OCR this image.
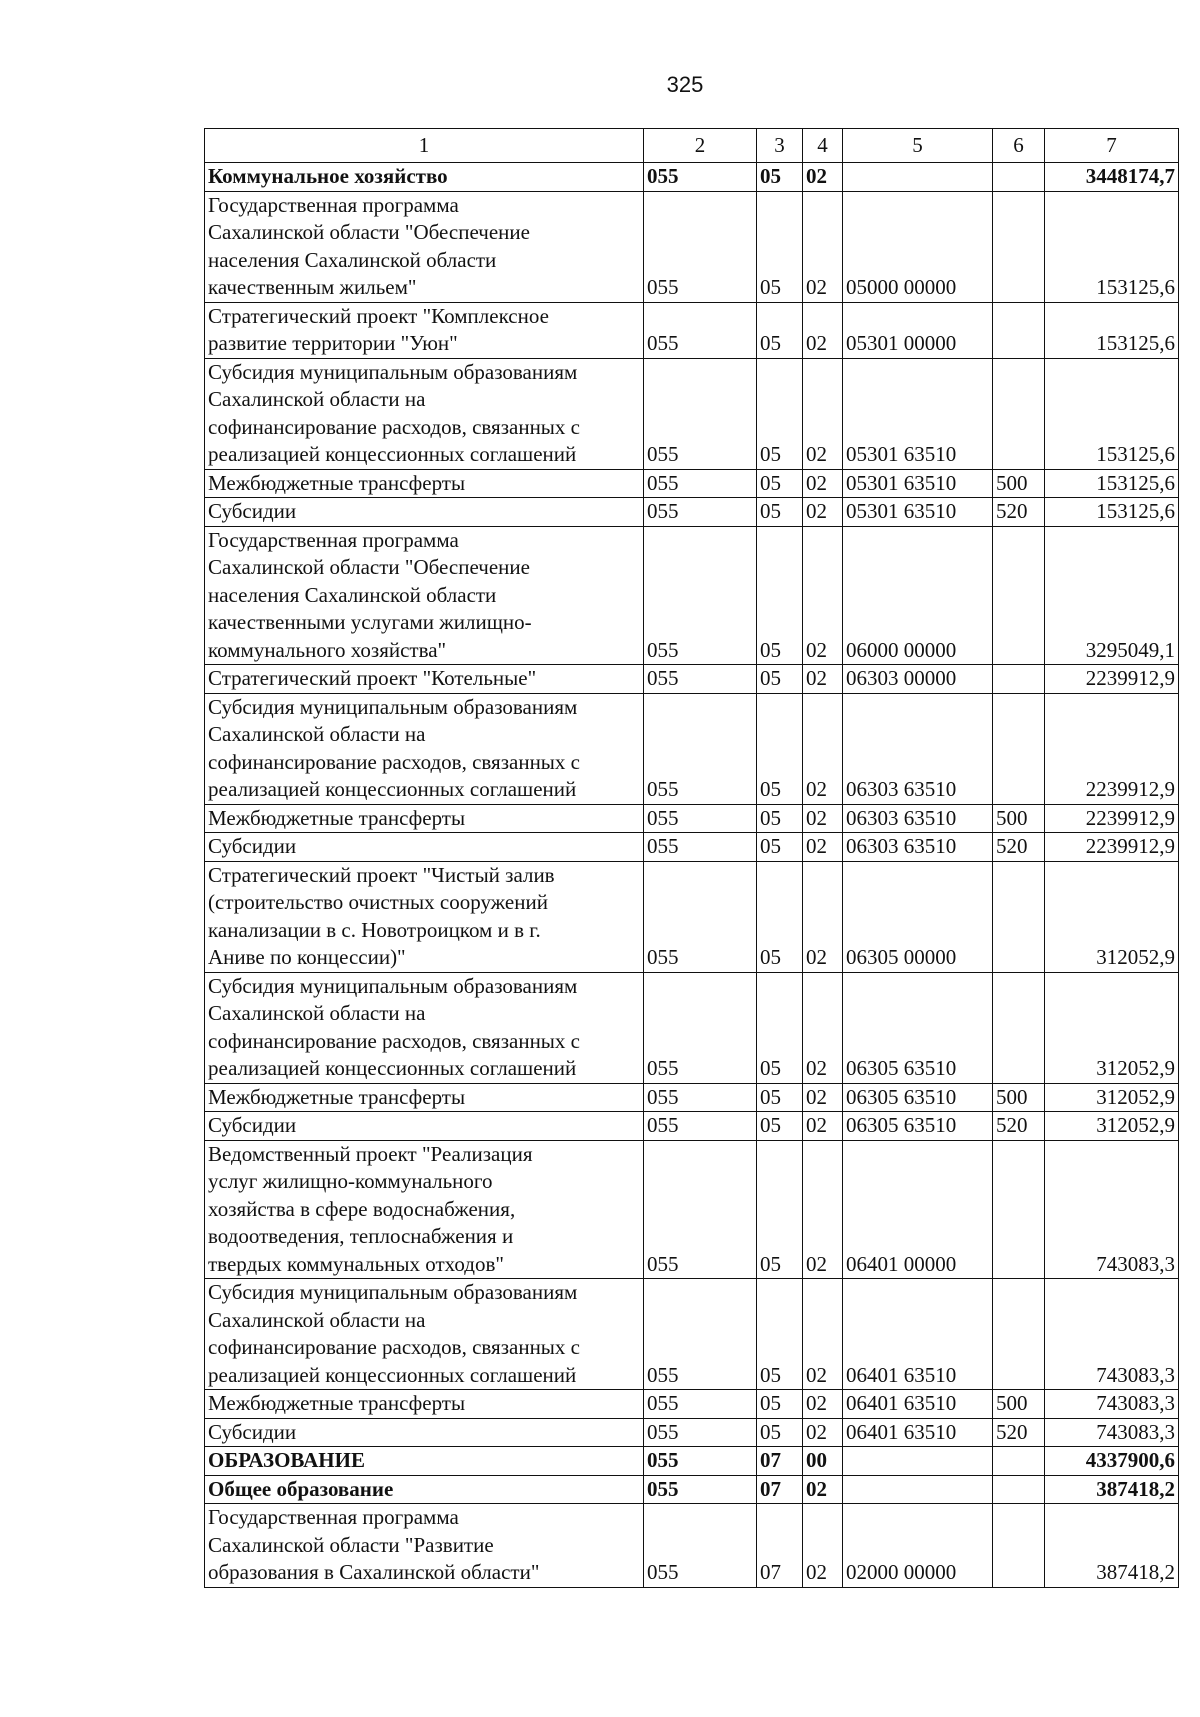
325
1	2	3	4	5	6	7
Коммунальное хозяйство	055	05	02			3448174,7
Государственная программа
Сахалинской области "Обеспечение
населения Сахалинской области
качественным жильем"	055	05	02	05000 00000		153125,6
Стратегический проект "Комплексное
развитие территории "Уюн"	055	05	02	05301 00000		153125,6
Субсидия муниципальным образованиям
Сахалинской области на
софинансирование расходов, связанных с
реализацией концессионных соглашений	055	05	02	05301 63510		153125,6
Межбюджетные трансферты	055	05	02	05301 63510	500	153125,6
Субсидии	055	05	02	05301 63510	520	153125,6
Государственная программа
Сахалинской области "Обеспечение
населения Сахалинской области
качественными услугами жилищно-
коммунального хозяйства"	055	05	02	06000 00000		3295049,1
Стратегический проект "Котельные"	055	05	02	06303 00000		2239912,9
Субсидия муниципальным образованиям
Сахалинской области на
софинансирование расходов, связанных с
реализацией концессионных соглашений	055	05	02	06303 63510		2239912,9
Межбюджетные трансферты	055	05	02	06303 63510	500	2239912,9
Субсидии	055	05	02	06303 63510	520	2239912,9
Стратегический проект "Чистый залив
(строительство очистных сооружений
канализации в с. Новотроицком и в г.
Аниве по концессии)"	055	05	02	06305 00000		312052,9
Субсидия муниципальным образованиям
Сахалинской области на
софинансирование расходов, связанных с
реализацией концессионных соглашений	055	05	02	06305 63510		312052,9
Межбюджетные трансферты	055	05	02	06305 63510	500	312052,9
Субсидии	055	05	02	06305 63510	520	312052,9
Ведомственный проект "Реализация
услуг жилищно-коммунального
хозяйства в сфере водоснабжения,
водоотведения, теплоснабжения и
твердых коммунальных отходов"	055	05	02	06401 00000		743083,3
Субсидия муниципальным образованиям
Сахалинской области на
софинансирование расходов, связанных с
реализацией концессионных соглашений	055	05	02	06401 63510		743083,3
Межбюджетные трансферты	055	05	02	06401 63510	500	743083,3
Субсидии	055	05	02	06401 63510	520	743083,3
ОБРАЗОВАНИЕ	055	07	00			4337900,6
Общее образование	055	07	02			387418,2
Государственная программа
Сахалинской области "Развитие
образования в Сахалинской области"	055	07	02	02000 00000		387418,2
